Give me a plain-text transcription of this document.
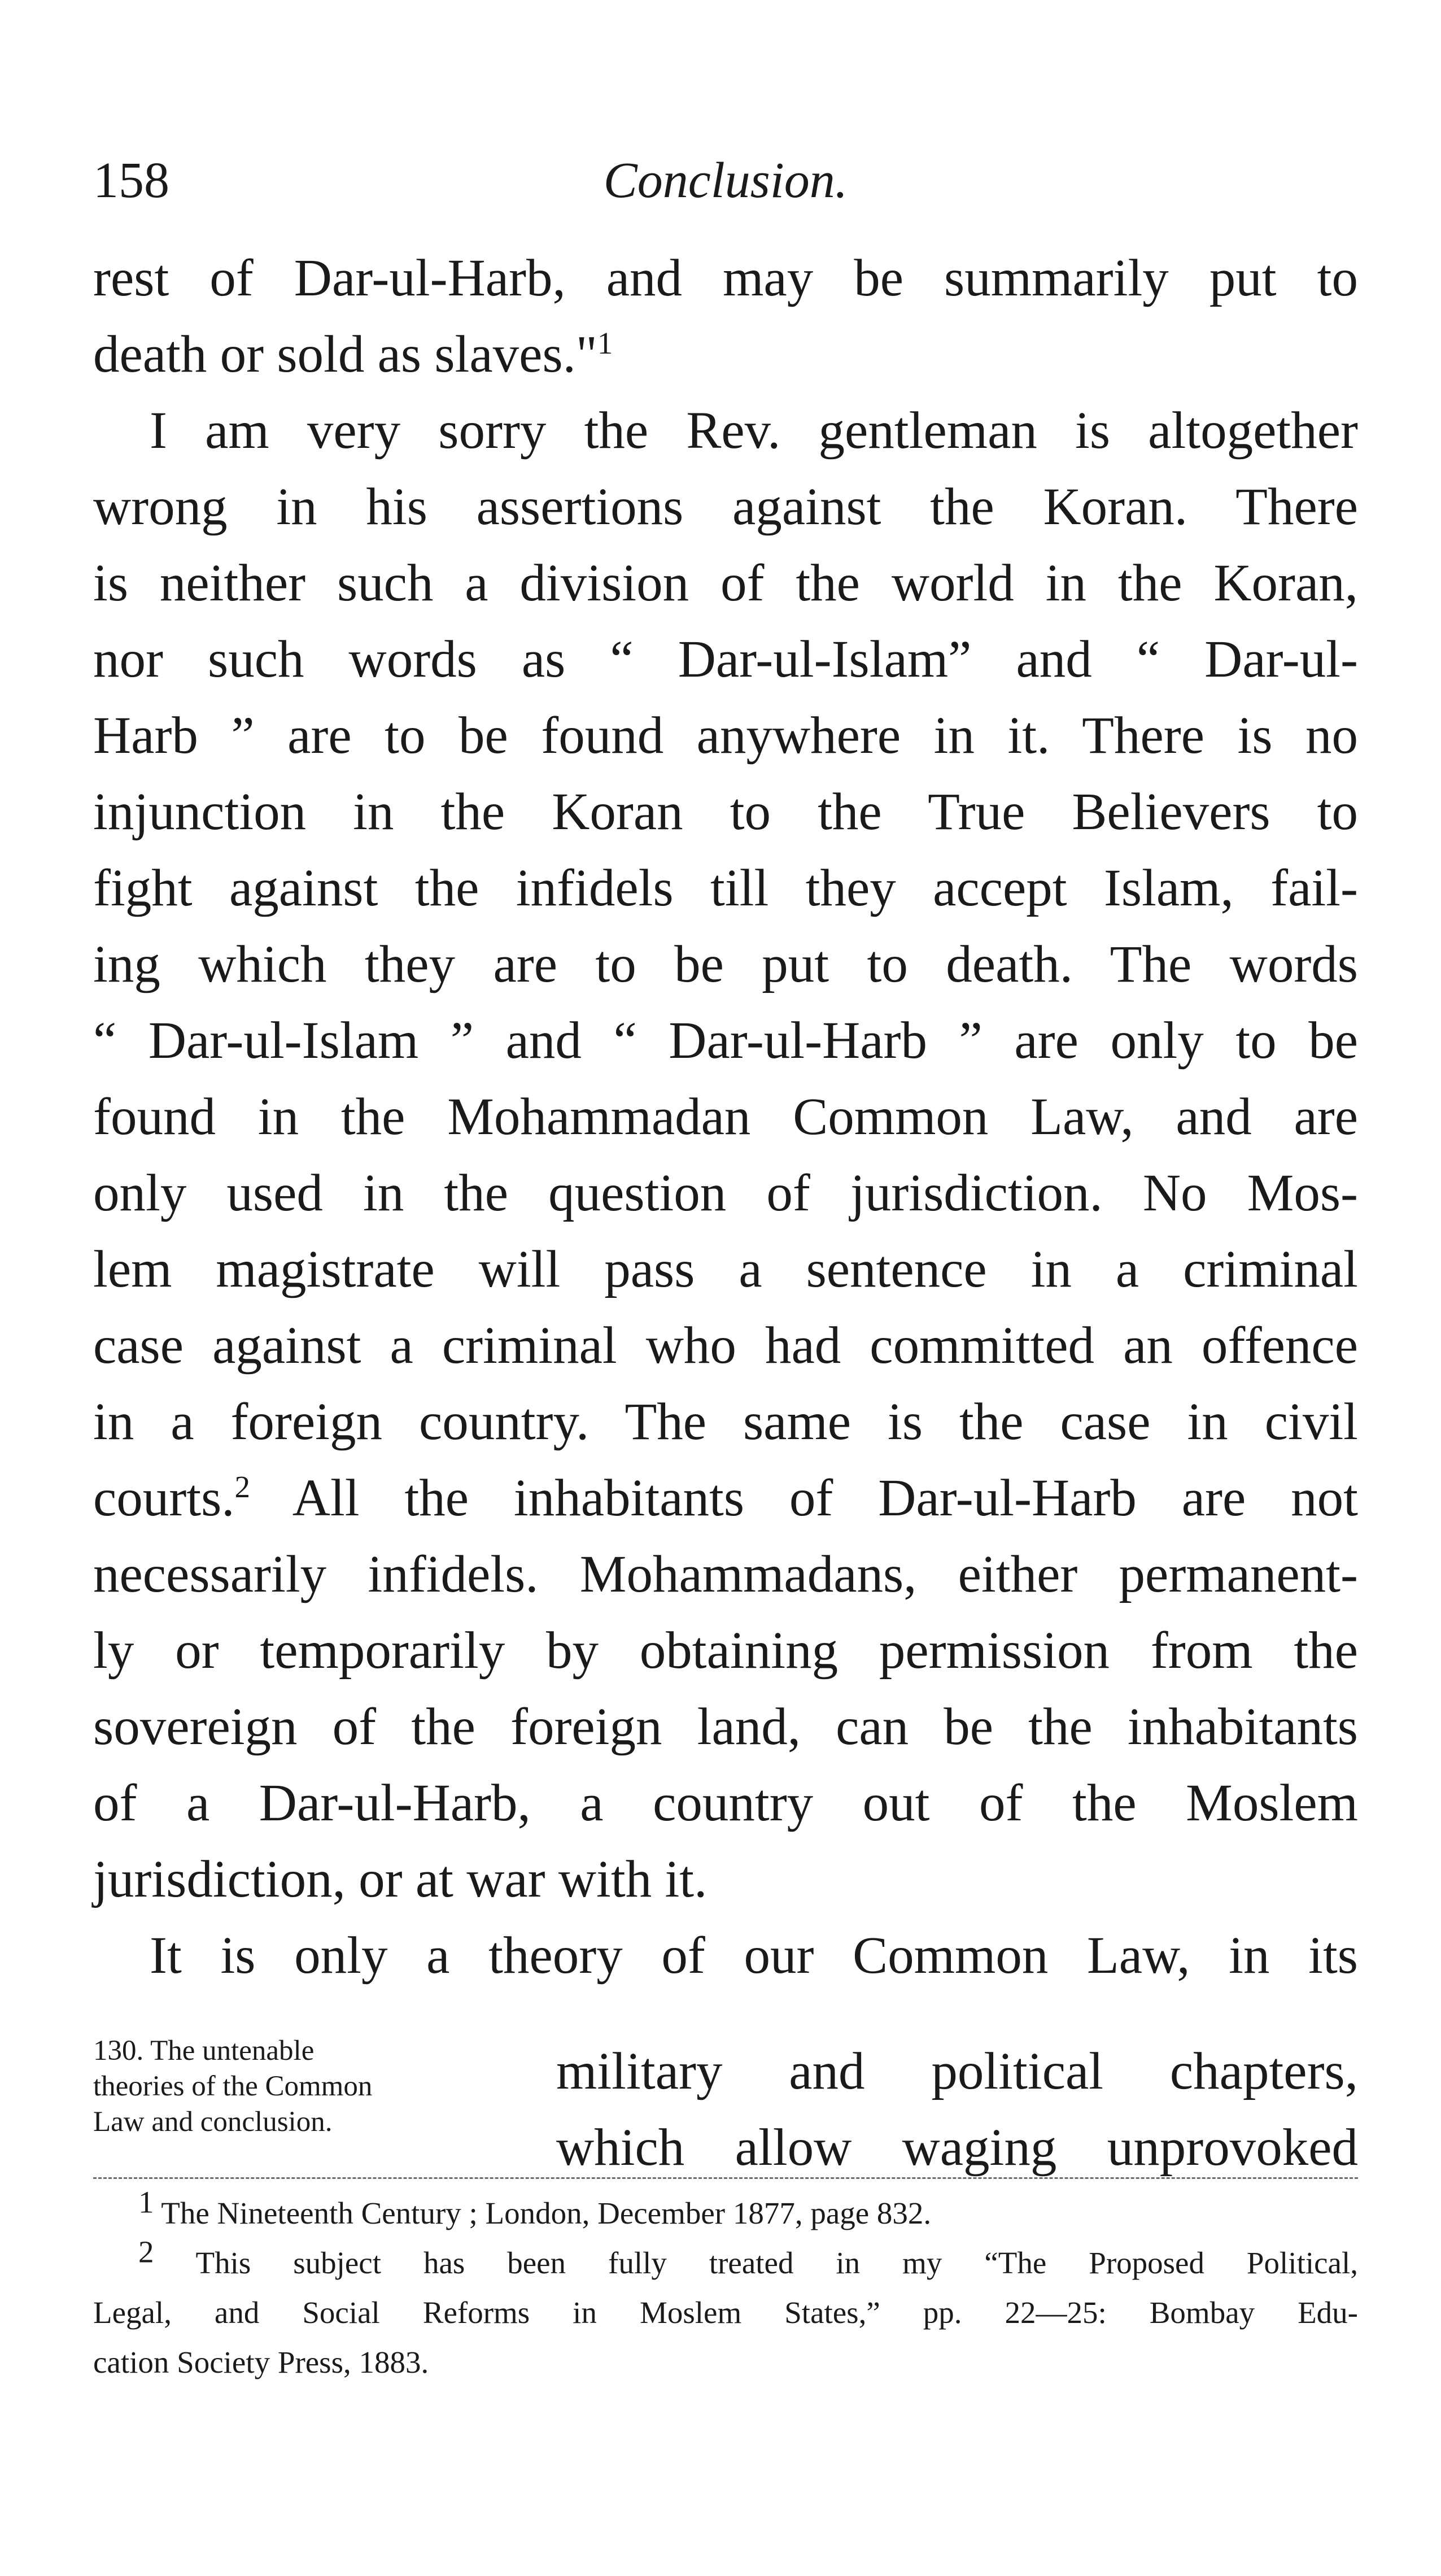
158	Conclusion.
rest of Dar-ul-Harb, and may be summarily put to
death or sold as slaves."$^1$
I am very sorry the Rev. gentleman is altogether
wrong in his assertions against the Koran. There
is neither such a division of the world in the Koran,
nor such words as “ Dar-ul-Islam” and “ Dar-ul-
Harb ” are to be found anywhere in it. There is no
injunction in the Koran to the True Believers to
fight against the infidels till they accept Islam, fail-
ing which they are to be put to death. The words
“ Dar-ul-Islam ” and “ Dar-ul-Harb ” are only to be
found in the Mohammadan Common Law, and are
only used in the question of jurisdiction. No Mos-
lem magistrate will pass a sentence in a criminal
case against a criminal who had committed an offence
in a foreign country. The same is the case in civil
courts.$^2$ All the inhabitants of Dar-ul-Harb are not
necessarily infidels. Mohammadans, either permanent-
ly or temporarily by obtaining permission from the
sovereign of the foreign land, can be the inhabitants
of a Dar-ul-Harb, a country out of the Moslem
jurisdiction, or at war with it.
It is only a theory of our Common Law, in its
130. The untenable
theories of the Common
Law and conclusion.
military and political chapters,
which allow waging unprovoked
1 The Nineteenth Century ; London, December 1877, page 832.
2 This subject has been fully treated in my “The Proposed Political,
Legal, and Social Reforms in Moslem States,” pp. 22—25: Bombay Edu-
cation Society Press, 1883.
